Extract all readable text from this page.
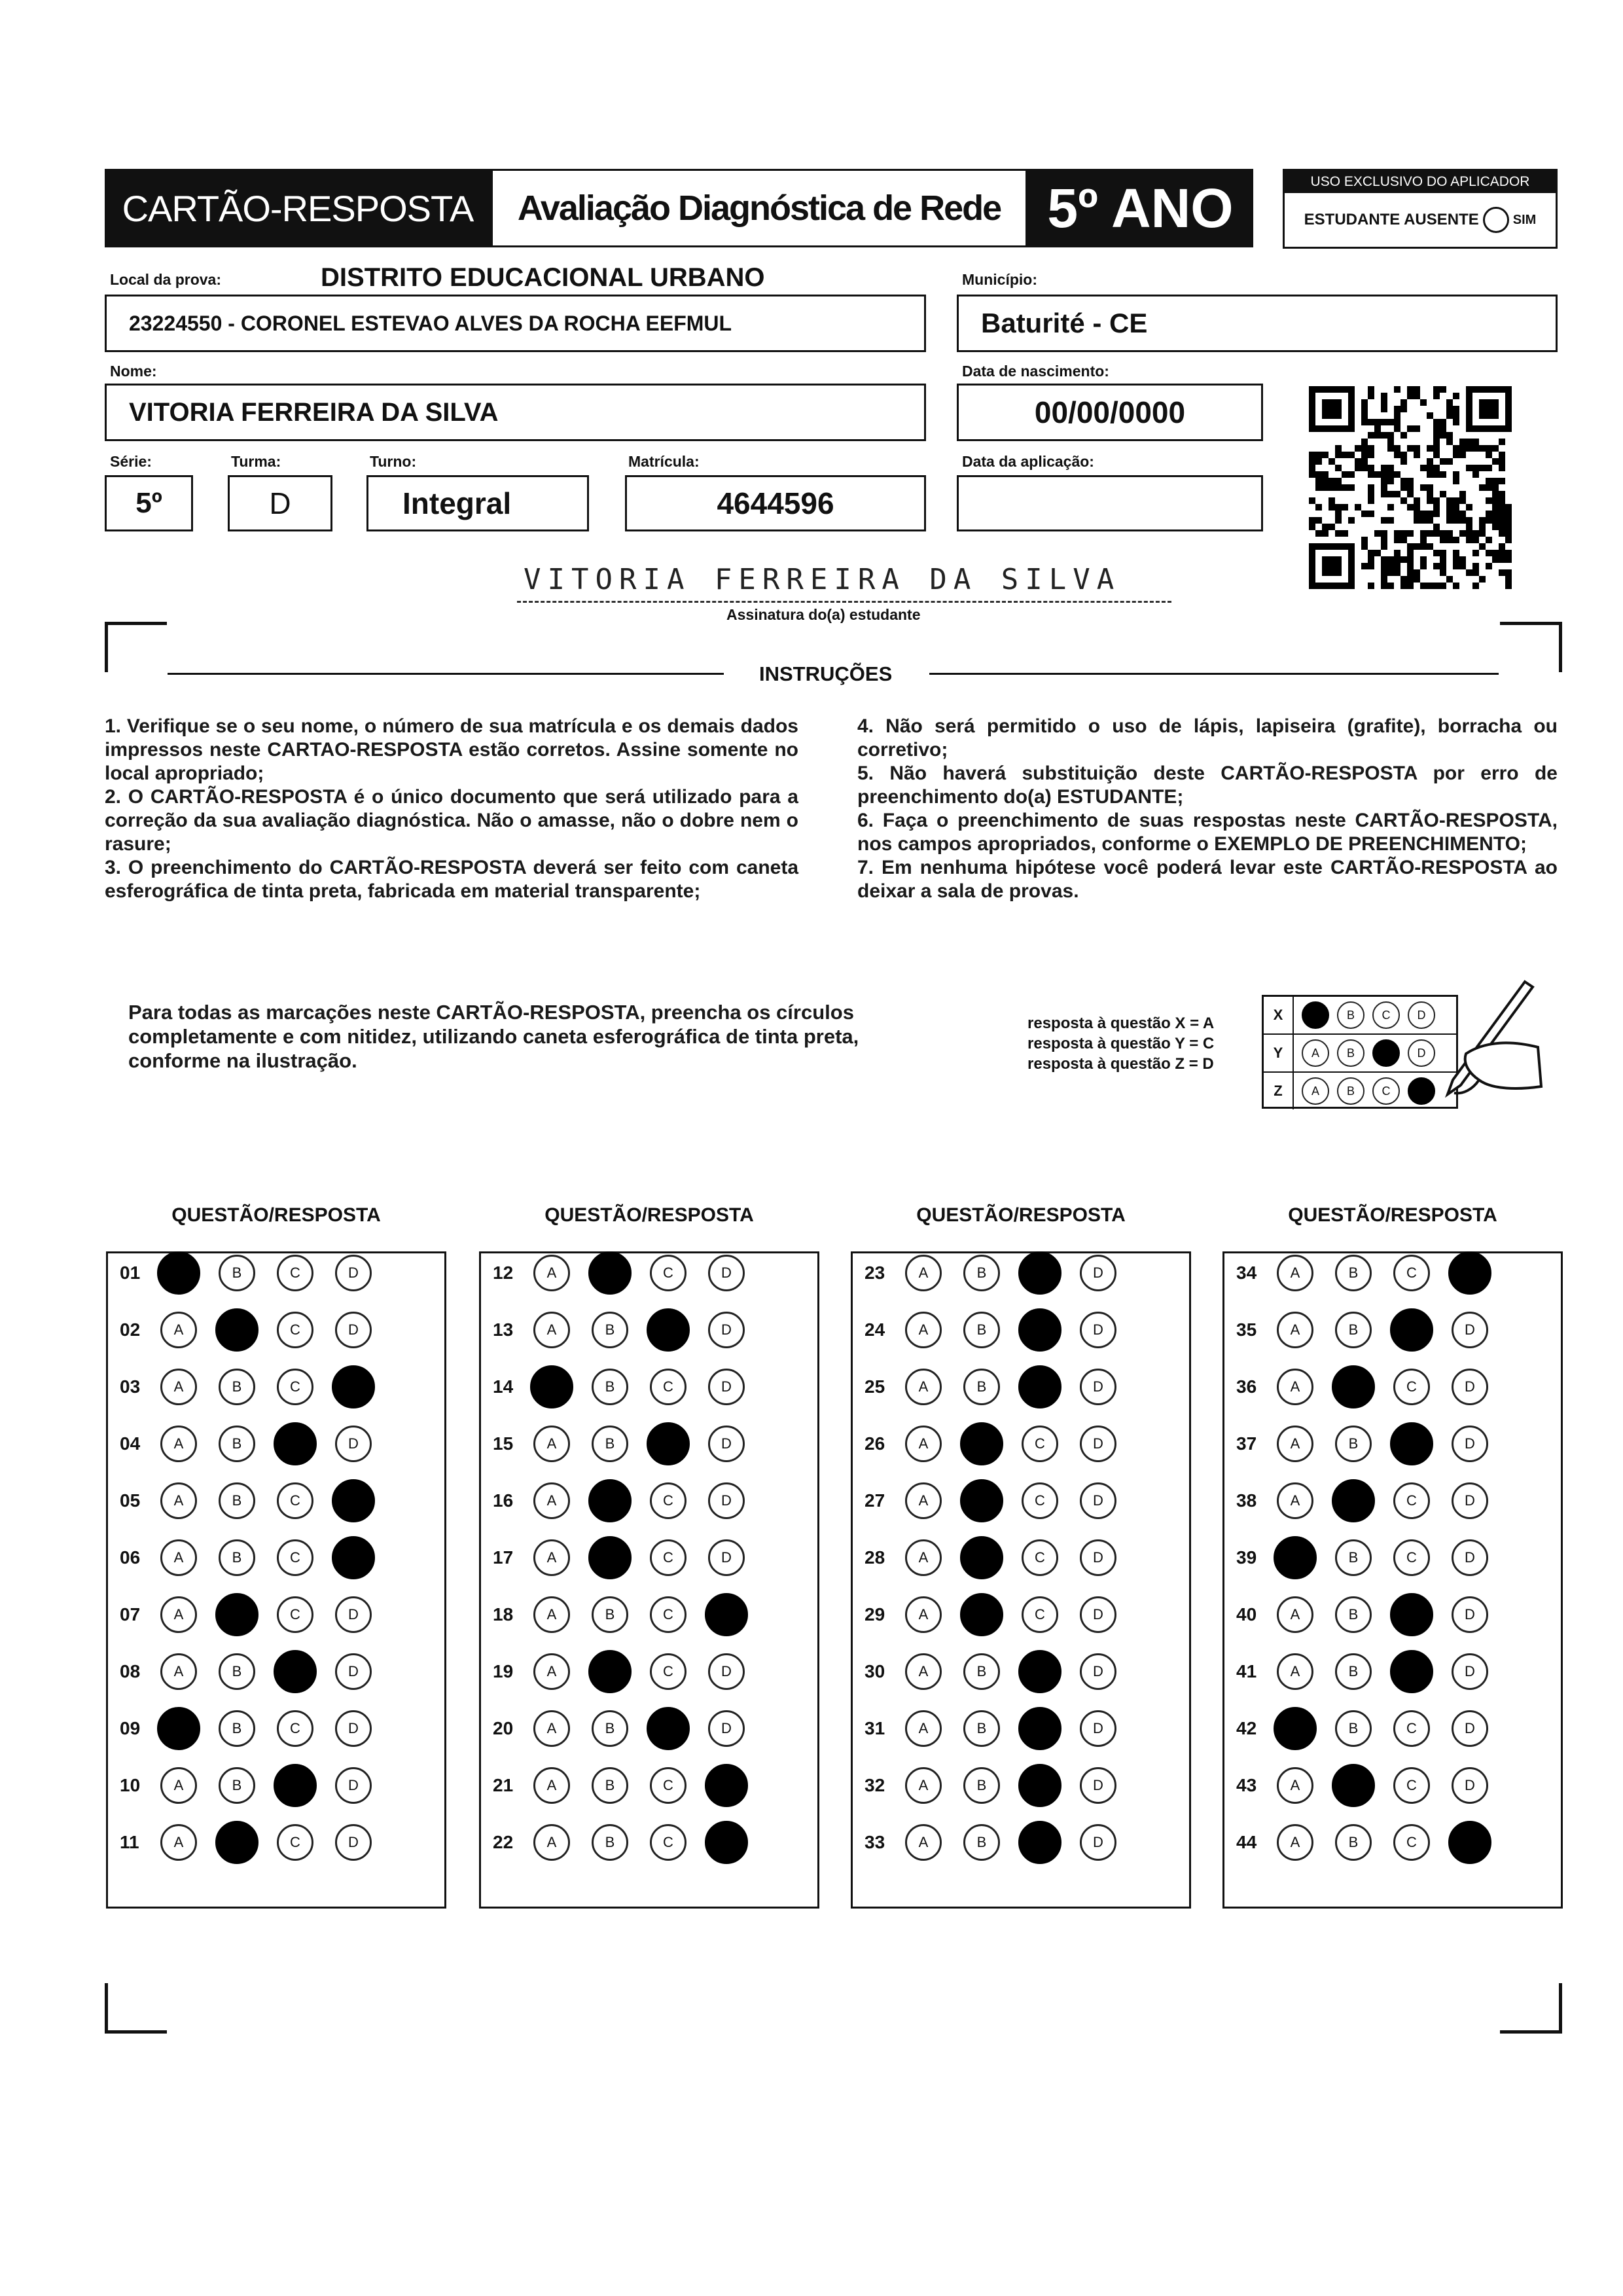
CARTÃO-RESPOSTA Avaliação Diagnóstica de Rede 5º ANO	USO EXCLUSIVO DO APLICADOR
ESTUDANTE AUSENTE	SIM
Local da prova:	DISTRITO EDUCACIONAL URBANO
23224550 - CORONEL ESTEVAO ALVES DA ROCHA EEFMUL
Município:
Baturité - CE
Nome:
VITORIA FERREIRA DA SILVA
Data de nascimento:
00/00/0000
Série:
5º
Turma:
D
Turno:
Integral
Matrícula:
4644596
Data da aplicação:
VITORIA FERREIRA DA SILVA
Assinatura do(a) estudante
INSTRUÇÕES

1. Verifique se o seu nome, o número de sua matrícula e os demais dados impressos neste CARTAO-RESPOSTA estão corretos. Assine somente no local apropriado;

2. O CARTÃO-RESPOSTA é o único documento que será utilizado para a correção da sua avaliação diagnóstica. Não o amasse, não o dobre nem o rasure;

3. O preenchimento do CARTÃO-RESPOSTA deverá ser feito com caneta esferográfica de tinta preta, fabricada em material transparente;

4. Não será permitido o uso de lápis, lapiseira (grafite), borracha ou corretivo;

5. Não haverá substituição deste CARTÃO-RESPOSTA por erro de preenchimento do(a) ESTUDANTE;

6. Faça o preenchimento de suas respostas neste CARTÃO-RESPOSTA, nos campos apropriados, conforme o EXEMPLO DE PREENCHIMENTO;

7. Em nenhuma hipótese você poderá levar este CARTÃO-RESPOSTA ao deixar a sala de provas.

Para todas as marcações neste CARTÃO-RESPOSTA, preencha os círculos completamente e com nitidez, utilizando caneta esferográfica de tinta preta, conforme na ilustração.
resposta à questão X = A
resposta à questão Y = C
resposta à questão Z = D
X	A	B	C	D
Y	A	B	C	D
Z	A	B	C	D
QUESTÃO/RESPOSTA
01	A	B	C	D
02	A	B	C	D
03	A	B	C	D
04	A	B	C	D
05	A	B	C	D
06	A	B	C	D
07	A	B	C	D
08	A	B	C	D
09	A	B	C	D
10	A	B	C	D
11	A	B	C	D
QUESTÃO/RESPOSTA
12	A	B	C	D
13	A	B	C	D
14	A	B	C	D
15	A	B	C	D
16	A	B	C	D
17	A	B	C	D
18	A	B	C	D
19	A	B	C	D
20	A	B	C	D
21	A	B	C	D
22	A	B	C	D
QUESTÃO/RESPOSTA
23	A	B	C	D
24	A	B	C	D
25	A	B	C	D
26	A	B	C	D
27	A	B	C	D
28	A	B	C	D
29	A	B	C	D
30	A	B	C	D
31	A	B	C	D
32	A	B	C	D
33	A	B	C	D
QUESTÃO/RESPOSTA
34	A	B	C	D
35	A	B	C	D
36	A	B	C	D
37	A	B	C	D
38	A	B	C	D
39	A	B	C	D
40	A	B	C	D
41	A	B	C	D
42	A	B	C	D
43	A	B	C	D
44	A	B	C	D
